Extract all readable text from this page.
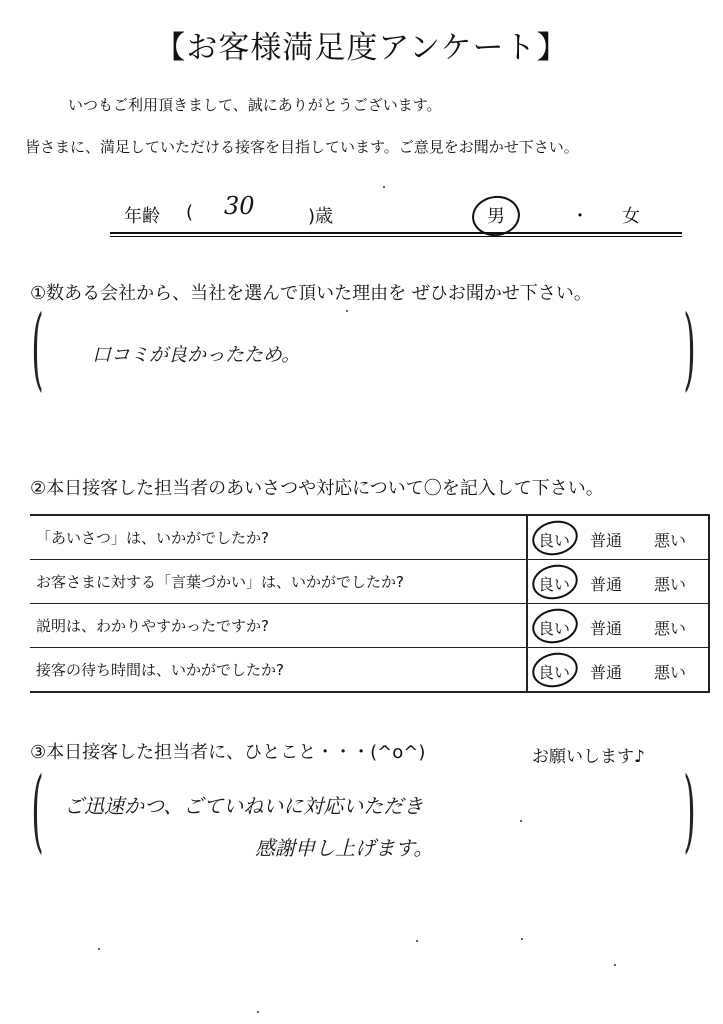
【お客様満足度アンケート】
いつもご利用頂きまして、誠にありがとうございます。
皆さまに、満足していただける接客を目指しています。ご意見をお聞かせ下さい。
年齢 ( 30	)歳	男	・ 女
①数ある会社から、当社を選んで頂いた理由を ぜひお聞かせ下さい。
(	)
口コミが良かったため。
②本日接客した担当者のあいさつや対応について〇を記入して下さい。
「あいさつ」は、いかがでしたか?	良い 普通 悪い

お客さまに対する「言葉づかい」は、いかがでしたか?	良い 普通 悪い

説明は、わかりやすかったですか?	良い 普通 悪い

接客の待ち時間は、いかがでしたか?	良い 普通 悪い
③本日接客した担当者に、ひとこと・・・(^o^)	お願いします♪
(	)
ご迅速かつ、ごていねいに対応いただき
感謝申し上げます。
